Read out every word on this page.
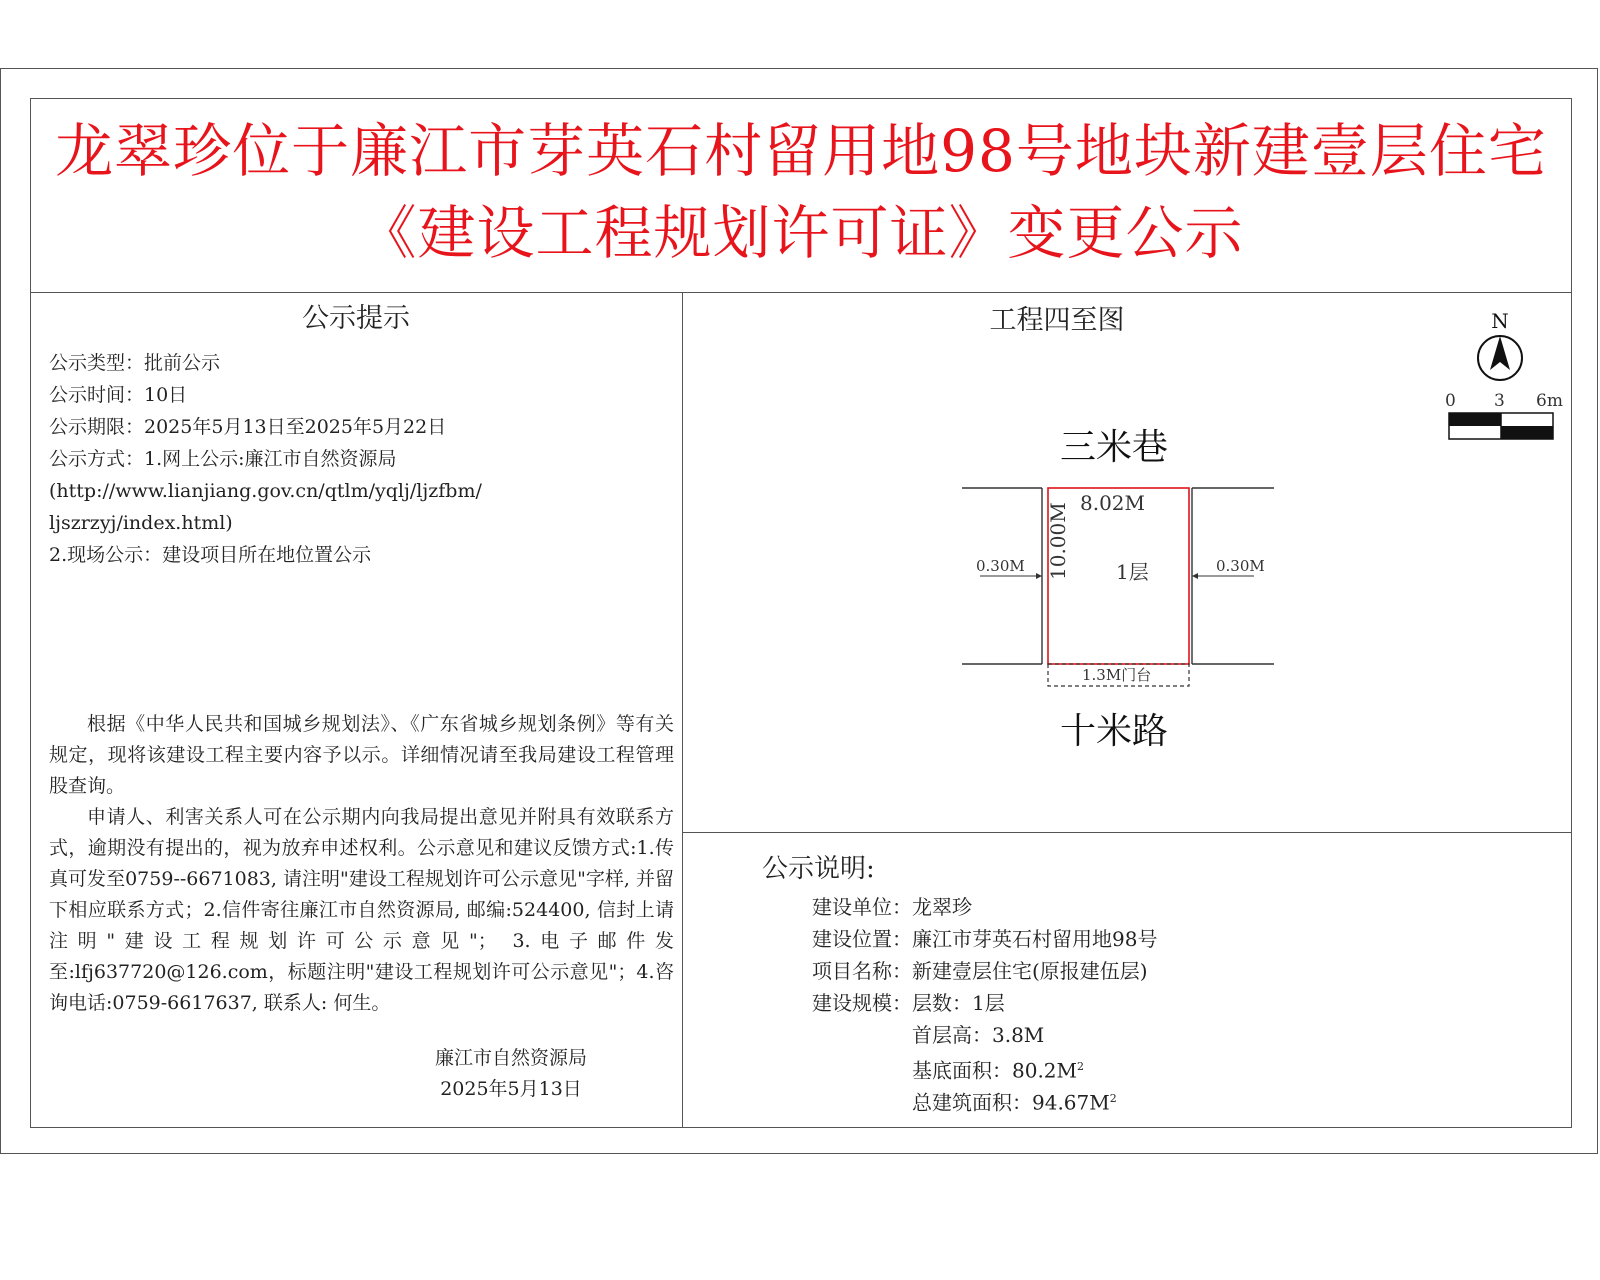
龙翠珍位于廉江市芽英石村留用地98号地块新建壹层住宅
《建设工程规划许可证》变更公示
公示提示
公示类型：批前公示
公示时间：10日
公示期限：2025年5月13日至2025年5月22日
公示方式：1.网上公示:廉江市自然资源局
(http://www.lianjiang.gov.cn/qtlm/yqlj/ljzfbm/
ljszrzyj/index.html)
2.现场公示：建设项目所在地位置公示

根据《中华人民共和国城乡规划法》、《广东省城乡规划条例》等有关规定，现将该建设工程主要内容予以示。详细情况请至我局建设工程管理股查询。

申请人、利害关系人可在公示期内向我局提出意见并附具有效联系方式，逾期没有提出的，视为放弃申述权利。公示意见和建议反馈方式:1.传真可发至0759--6671083, 请注明"建设工程规划许可公示意见"字样, 并留下相应联系方式；2.信件寄往廉江市自然资源局, 邮编:524400, 信封上请注明"建设工程规划许可公示意见"； 3.电子邮件发至:lfj637720@126.com，标题注明"建设工程规划许可公示意见"；4.咨询电话:0759-6617637, 联系人: 何生。

廉江市自然资源局
2025年5月13日
工程四至图	N
0 3 6m
三米巷
十米路
8.02M
10.00M 1层
0.30M	0.30M
1.3M门台
公示说明:
建设单位：龙翠珍
建设位置：廉江市芽英石村留用地98号
项目名称：新建壹层住宅(原报建伍层)
建设规模：层数：1层
首层高：3.8M
基底面积：$80.2M^2$
总建筑面积：$94.67M^2$
